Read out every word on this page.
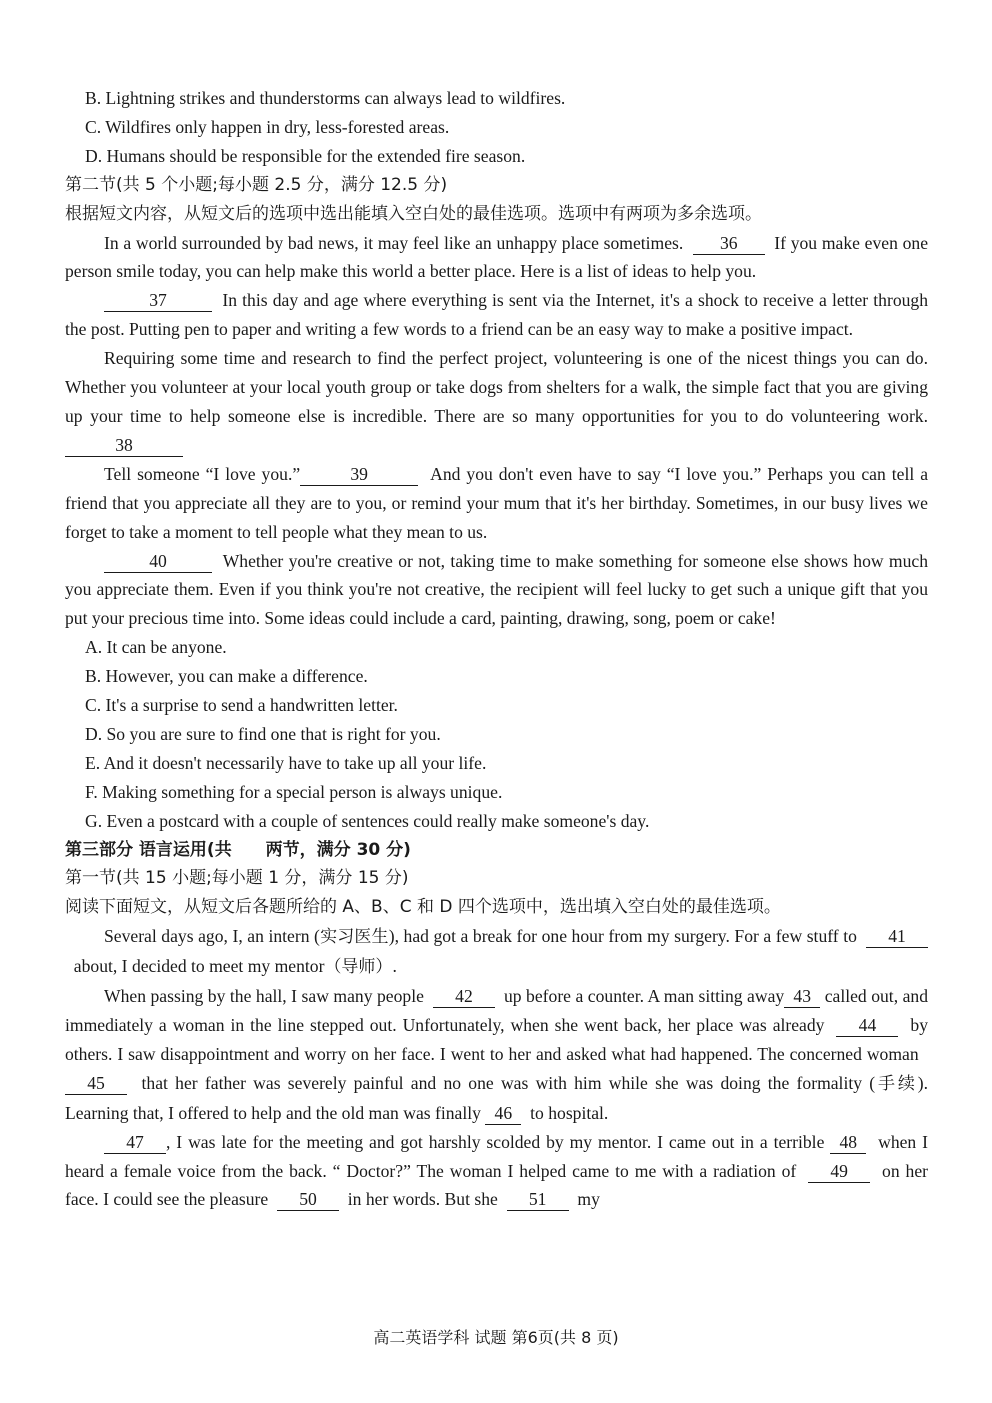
B. Lightning strikes and thunderstorms can always lead to wildfires.

C. Wildfires only happen in dry, less-forested areas.

D. Humans should be responsible for the extended fire season.

第二节(共 5 个小题;每小题 2.5 分，满分 12.5 分)

根据短文内容，从短文后的选项中选出能填入空白处的最佳选项。选项中有两项为多余选项。

In a world surrounded by bad news, it may feel like an unhappy place sometimes. 36 If you make even one person smile today, you can help make this world a better place. Here is a list of ideas to help you.

37	In this day and age where everything is sent via the Internet, it's a shock to receive a letter through the post. Putting pen to paper and writing a few words to a friend can be an easy way to make a positive impact.

Requiring some time and research to find the perfect project, volunteering is one of the nicest things you can do. Whether you volunteer at your local youth group or take dogs from shelters for a walk, the simple fact that you are giving up your time to help someone else is incredible. There are so many opportunities for you to do volunteering work.38

Tell someone “I love you.”	39	And you don't even have to say “I love you.” Perhaps you can tell a friend that you appreciate all they are to you, or remind your mum that it's her birthday. Sometimes, in our busy lives we forget to take a moment to tell people what they mean to us.

40	Whether you're creative or not, taking time to make something for someone else shows how much you appreciate them. Even if you think you're not creative, the recipient will feel lucky to get such a unique gift that you put your precious time into. Some ideas could include a card, painting, drawing, song, poem or cake!

A. It can be anyone.

B. However, you can make a difference.

C. It's a surprise to send a handwritten letter.

D. So you are sure to find one that is right for you.

E. And it doesn't necessarily have to take up all your life.

F. Making something for a special person is always unique.

G. Even a postcard with a couple of sentences could really make someone's day.

第三部分 语言运用(共　　两节，满分 30 分)

第一节(共 15 小题;每小题 1 分，满分 15 分)

阅读下面短文，从短文后各题所给的 A、B、C 和 D 四个选项中，选出填入空白处的最佳选项。

Several days ago, I, an intern (实习医生), had got a break for one hour from my surgery. For a few stuff to 41  about, I decided to meet my mentor（导师）.

When passing by the hall, I saw many people 42 up before a counter. A man sitting away 43 called out, and immediately a woman in the line stepped out. Unfortunately, when she went back, her place was already 44 by others. I saw disappointment and worry on her face. I went to her and asked what had happened. The concerned woman  45 that her father was severely painful and no one was with him while she was doing the formality (手续). Learning that, I offered to help and the old man was finally 46 to hospital.

47 , I was late for the meeting and got harshly scolded by my mentor. I came out in a terrible 48 when I heard a female voice from the back. “ Doctor?” The woman I helped came to me with a radiation of 49 on her face. I could see the pleasure 50 in her words. But she 51 my

高二英语学科 试题 第6页(共 8 页)
